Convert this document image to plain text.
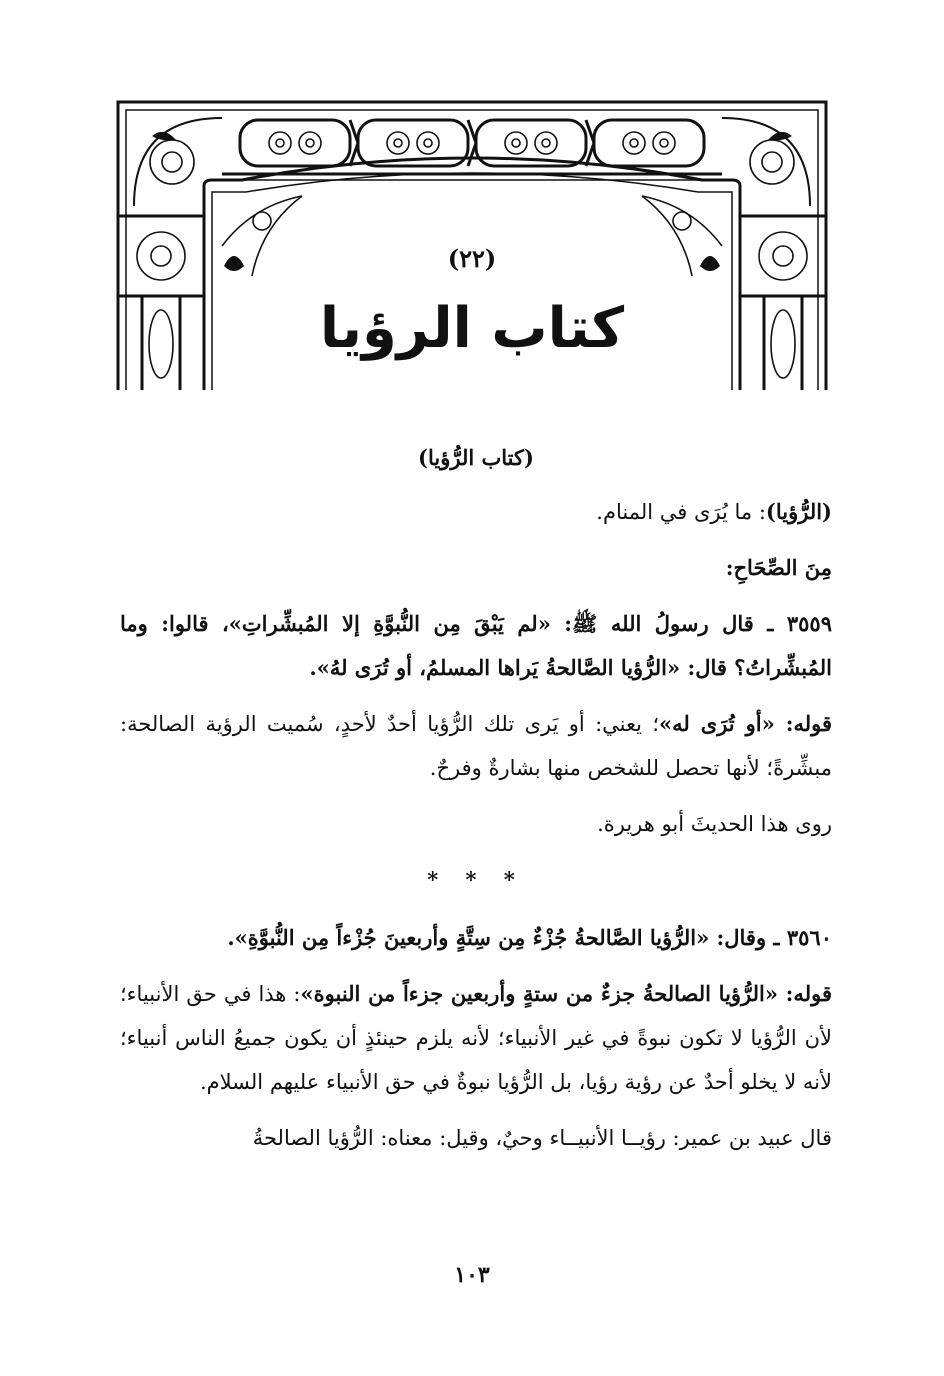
(٢٢)
كتاب الرؤيا

(كتاب الرُّؤيا)

(الرُّؤيا): ما يُرَى في المنام.

مِنَ الصِّحَاحِ:

٣٥٥٩ ـ قال رسولُ الله ﷺ: «لم يَبْقَ مِن النُّبوَّةِ إلا المُبشِّراتِ»، قالوا: وما المُبشِّراتُ؟ قال: «الرُّؤيا الصَّالحةُ يَراها المسلمُ، أو تُرَى لهُ».

قوله: «أو تُرَى له»؛ يعني: أو يَرى تلك الرُّؤيا أحدٌ لأحدٍ، سُميت الرؤية الصالحة: مبشِّرةً؛ لأنها تحصل للشخص منها بشارةٌ وفرحٌ.

روى هذا الحديثَ أبو هريرة.

* * *

٣٥٦٠ ـ وقال: «الرُّؤيا الصَّالحةُ جُزْءٌ مِن سِتَّةٍ وأربعينَ جُزْءاً مِن النُّبوَّةِ».

قوله: «الرُّؤيا الصالحةُ جزءٌ من ستةٍ وأربعين جزءاً من النبوة»: هذا في حق الأنبياء؛ لأن الرُّؤيا لا تكون نبوةً في غير الأنبياء؛ لأنه يلزم حينئذٍ أن يكون جميعُ الناس أنبياء؛ لأنه لا يخلو أحدٌ عن رؤية رؤيا، بل الرُّؤيا نبوةٌ في حق الأنبياء عليهم السلام.

قال عبيد بن عمير: رؤيــا الأنبيــاء وحيٌ، وقيل: معناه: الرُّؤيا الصالحةُ

١٠٣
